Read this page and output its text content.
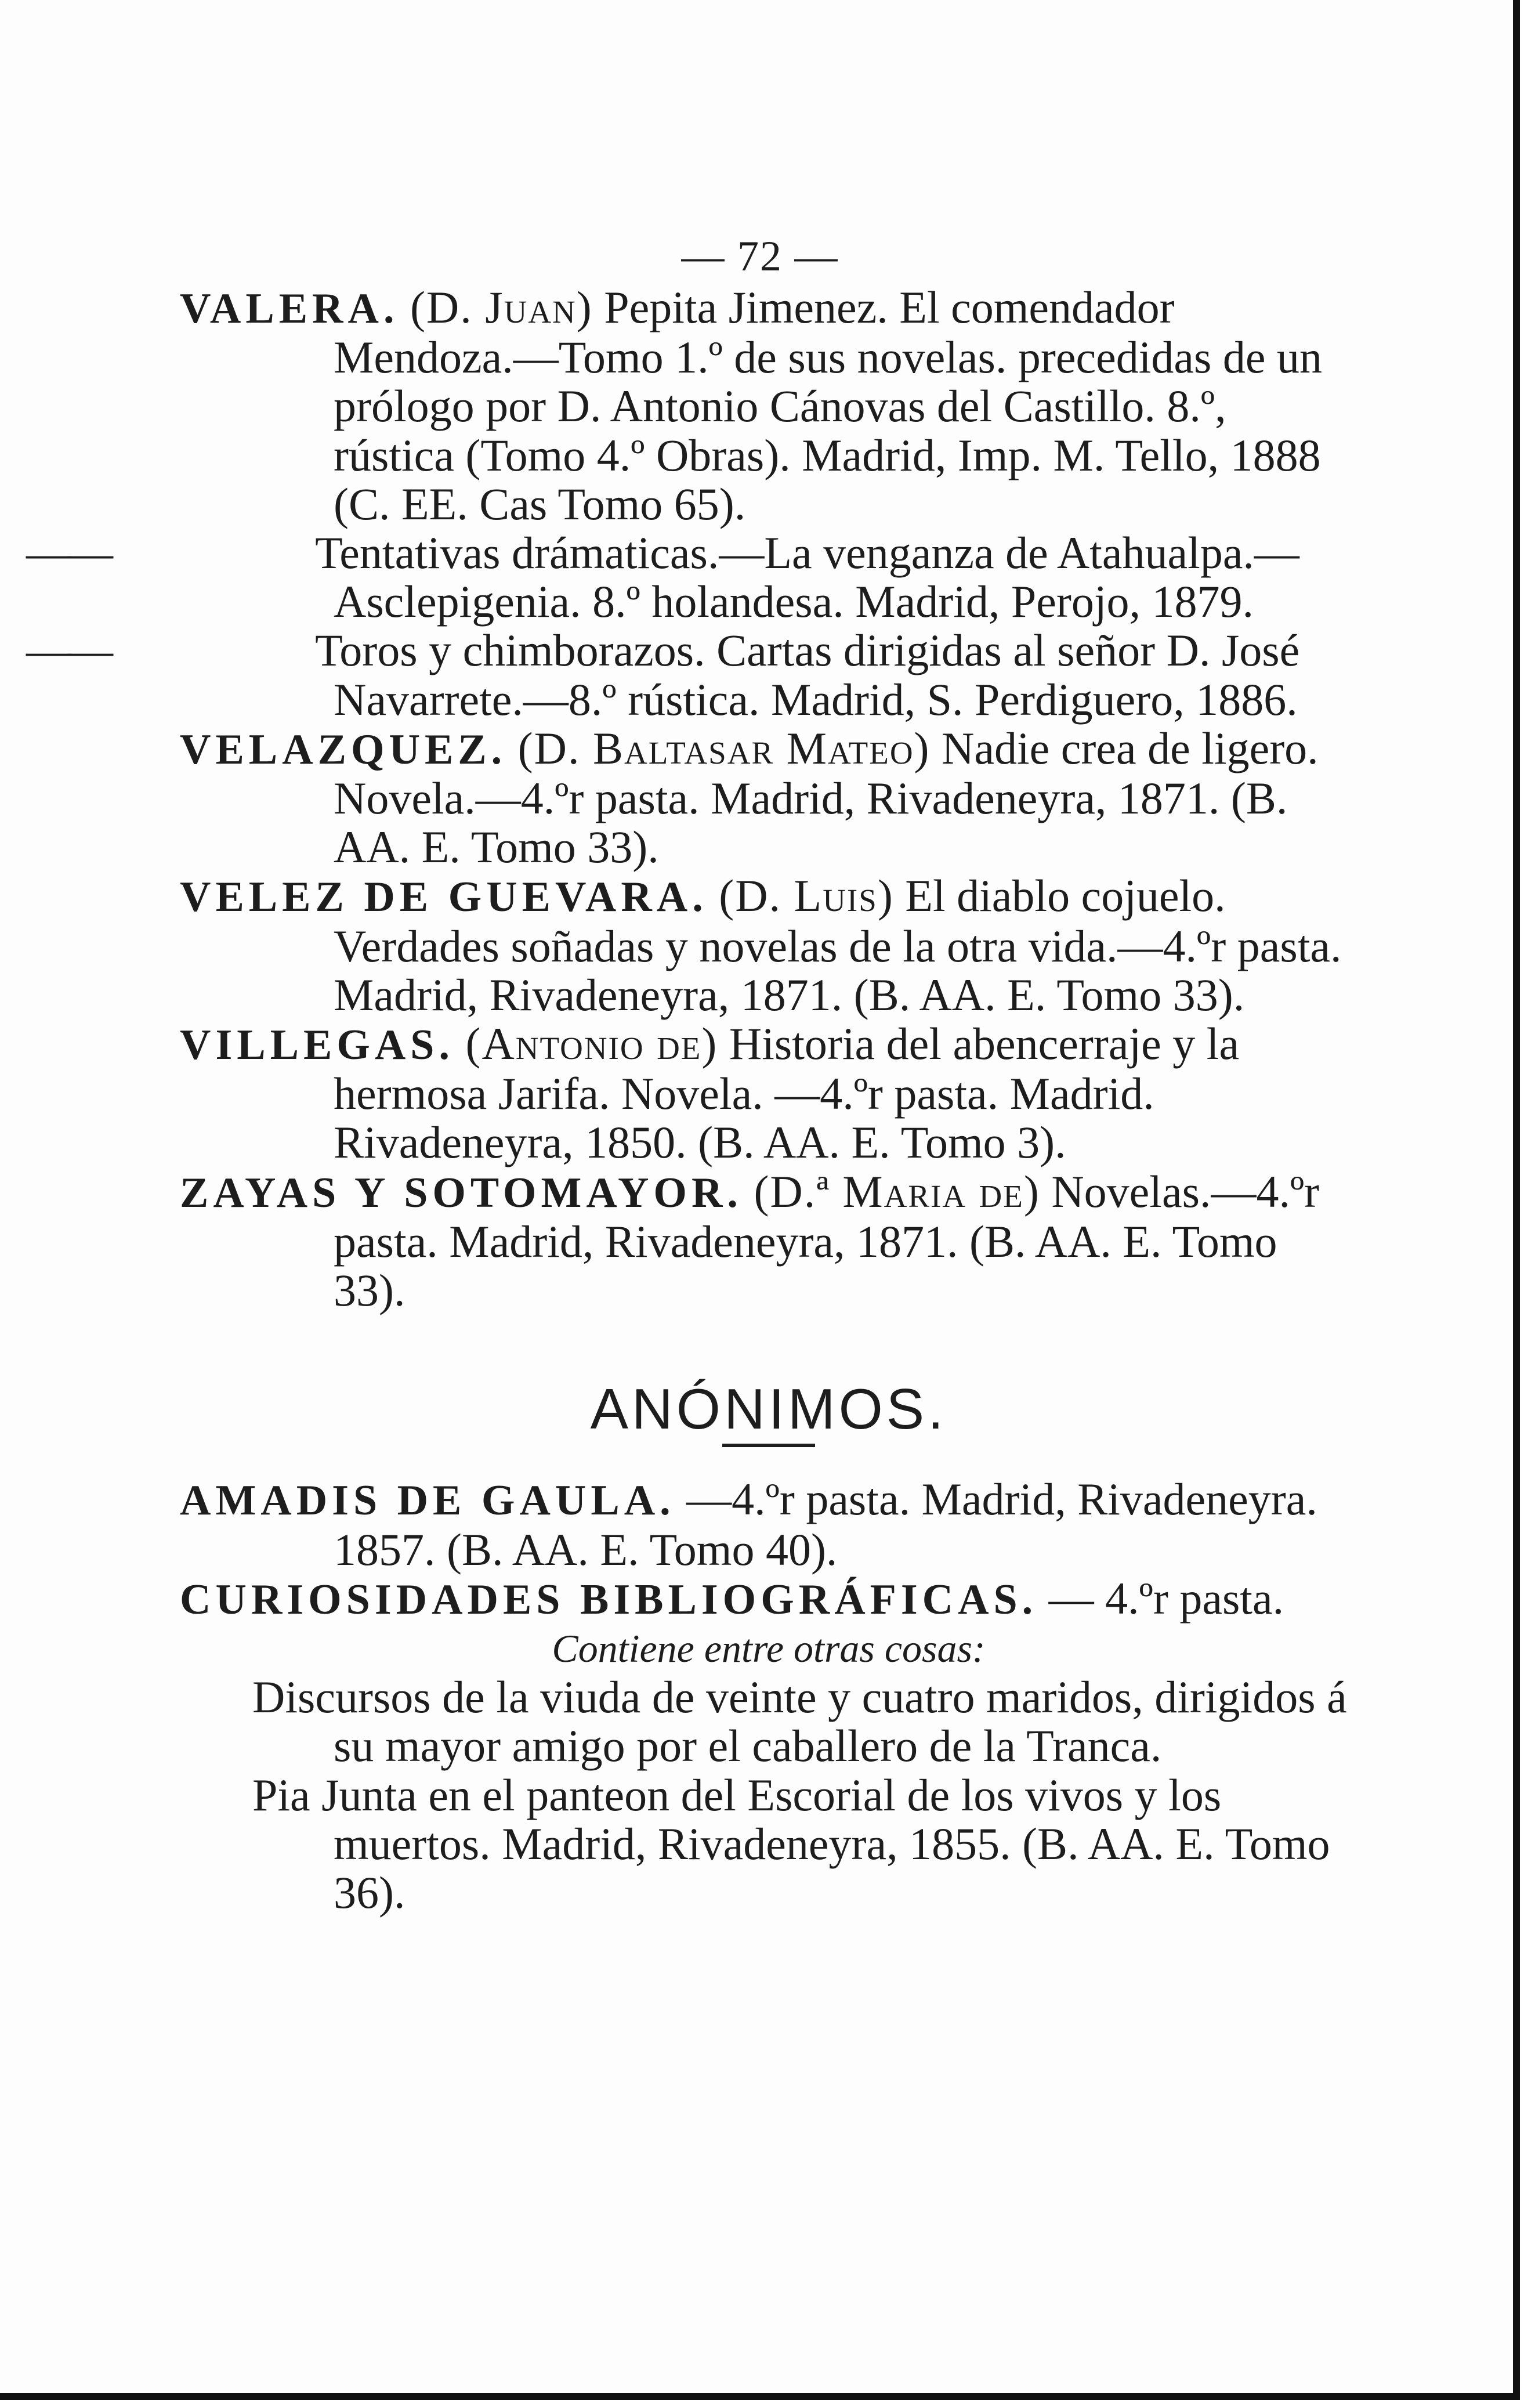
— 72 —
VALERA. (D. Juan) Pepita Jimenez. El comendador Mendoza.—Tomo 1.º de sus novelas. precedidas de un prólogo por D. Antonio Cánovas del Castillo. 8.º, rústica (Tomo 4.º Obras). Madrid, Imp. M. Tello, 1888 (C. EE. Cas Tomo 65).
——	Tentativas drámaticas.—La venganza de Atahualpa.—Asclepigenia. 8.º holandesa. Madrid, Perojo, 1879.
——	Toros y chimborazos. Cartas dirigidas al señor D. José Navarrete.—8.º rústica. Madrid, S. Perdiguero, 1886.
VELAZQUEZ. (D. Baltasar Mateo) Nadie crea de ligero. Novela.—4.ºr pasta. Madrid, Rivadeneyra, 1871. (B. AA. E. Tomo 33).
VELEZ DE GUEVARA. (D. Luis) El diablo cojuelo. Verdades soñadas y novelas de la otra vida.—4.ºr pasta. Madrid, Rivadeneyra, 1871. (B. AA. E. Tomo 33).
VILLEGAS. (Antonio de) Historia del abencerraje y la hermosa Jarifa. Novela. —4.ºr pasta. Madrid. Rivadeneyra, 1850. (B. AA. E. Tomo 3).
ZAYAS Y SOTOMAYOR. (D.ª Maria de) Novelas.—4.ºr pasta. Madrid, Rivadeneyra, 1871. (B. AA. E. Tomo 33).
ANÓNIMOS.
AMADIS DE GAULA. —4.ºr pasta. Madrid, Rivadeneyra. 1857. (B. AA. E. Tomo 40).
CURIOSIDADES BIBLIOGRÁFICAS. — 4.ºr pasta.
Contiene entre otras cosas:
Discursos de la viuda de veinte y cuatro maridos, dirigidos á su mayor amigo por el caballero de la Tranca.
Pia Junta en el panteon del Escorial de los vivos y los muertos. Madrid, Rivadeneyra, 1855. (B. AA. E. Tomo 36).
